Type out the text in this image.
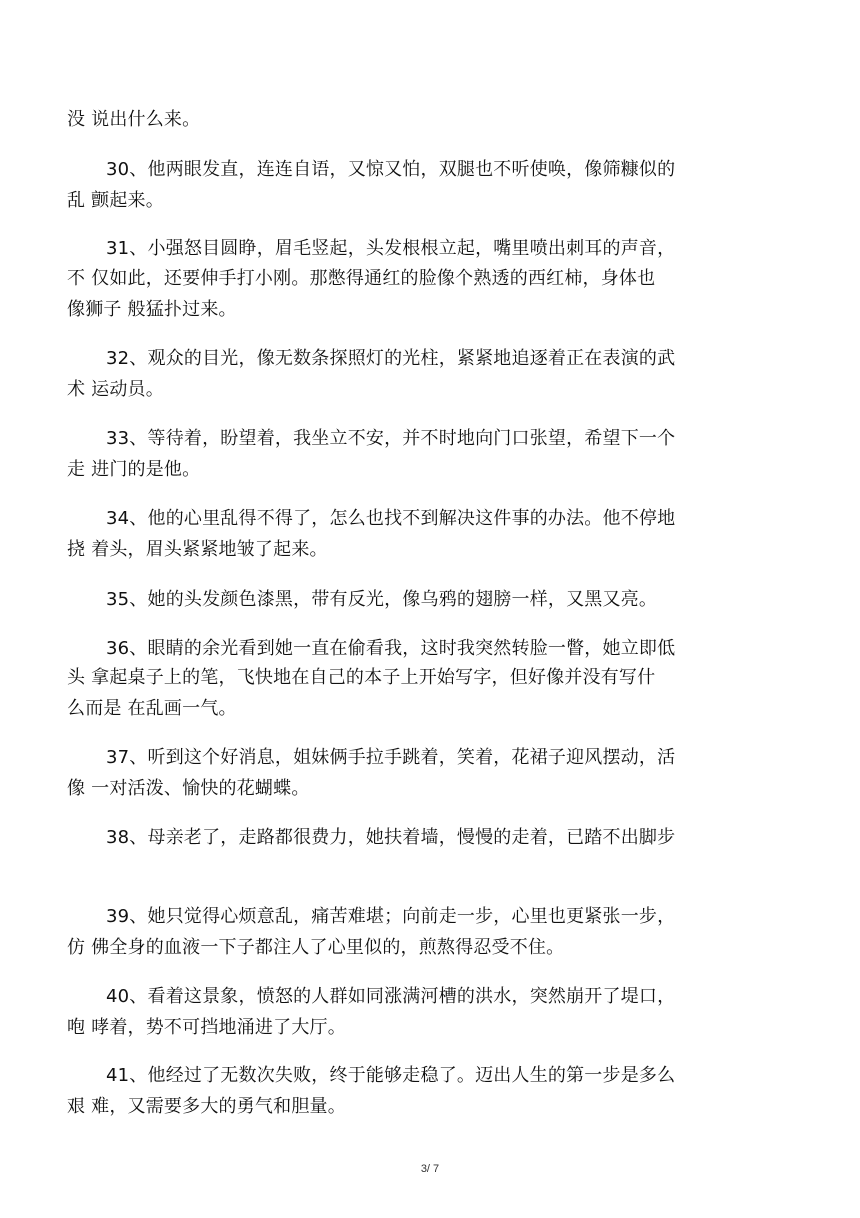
没 说出什么来。
30、他两眼发直，连连自语，又惊又怕，双腿也不听使唤，像筛糠似的
乱 颤起来。
31、小强怒目圆睁，眉毛竖起，头发根根立起，嘴里喷出刺耳的声音，
不 仅如此，还要伸手打小刚。那憋得通红的脸像个熟透的西红柿，身体也
像狮子 般猛扑过来。
32、观众的目光，像无数条探照灯的光柱，紧紧地追逐着正在表演的武
术 运动员。
33、等待着，盼望着，我坐立不安，并不时地向门口张望，希望下一个
走 进门的是他。
34、他的心里乱得不得了，怎么也找不到解决这件事的办法。他不停地
挠 着头，眉头紧紧地皱了起来。
35、她的头发颜色漆黑，带有反光，像乌鸦的翅膀一样，又黑又亮。
36、眼睛的余光看到她一直在偷看我，这时我突然转脸一瞥，她立即低
头 拿起桌子上的笔，飞快地在自己的本子上开始写字，但好像并没有写什
么而是 在乱画一气。
37、听到这个好消息，姐妹俩手拉手跳着，笑着，花裙子迎风摆动，活
像 一对活泼、愉快的花蝴蝶。
38、母亲老了，走路都很费力，她扶着墙，慢慢的走着，已踏不出脚步
39、她只觉得心烦意乱，痛苦难堪；向前走一步，心里也更紧张一步，
仿 佛全身的血液一下子都注人了心里似的，煎熬得忍受不住。
40、看着这景象，愤怒的人群如同涨满河槽的洪水，突然崩开了堤口，
咆 哮着，势不可挡地涌进了大厅。
41、他经过了无数次失败，终于能够走稳了。迈出人生的第一步是多么
艰 难，又需要多大的勇气和胆量。
3/ 7
